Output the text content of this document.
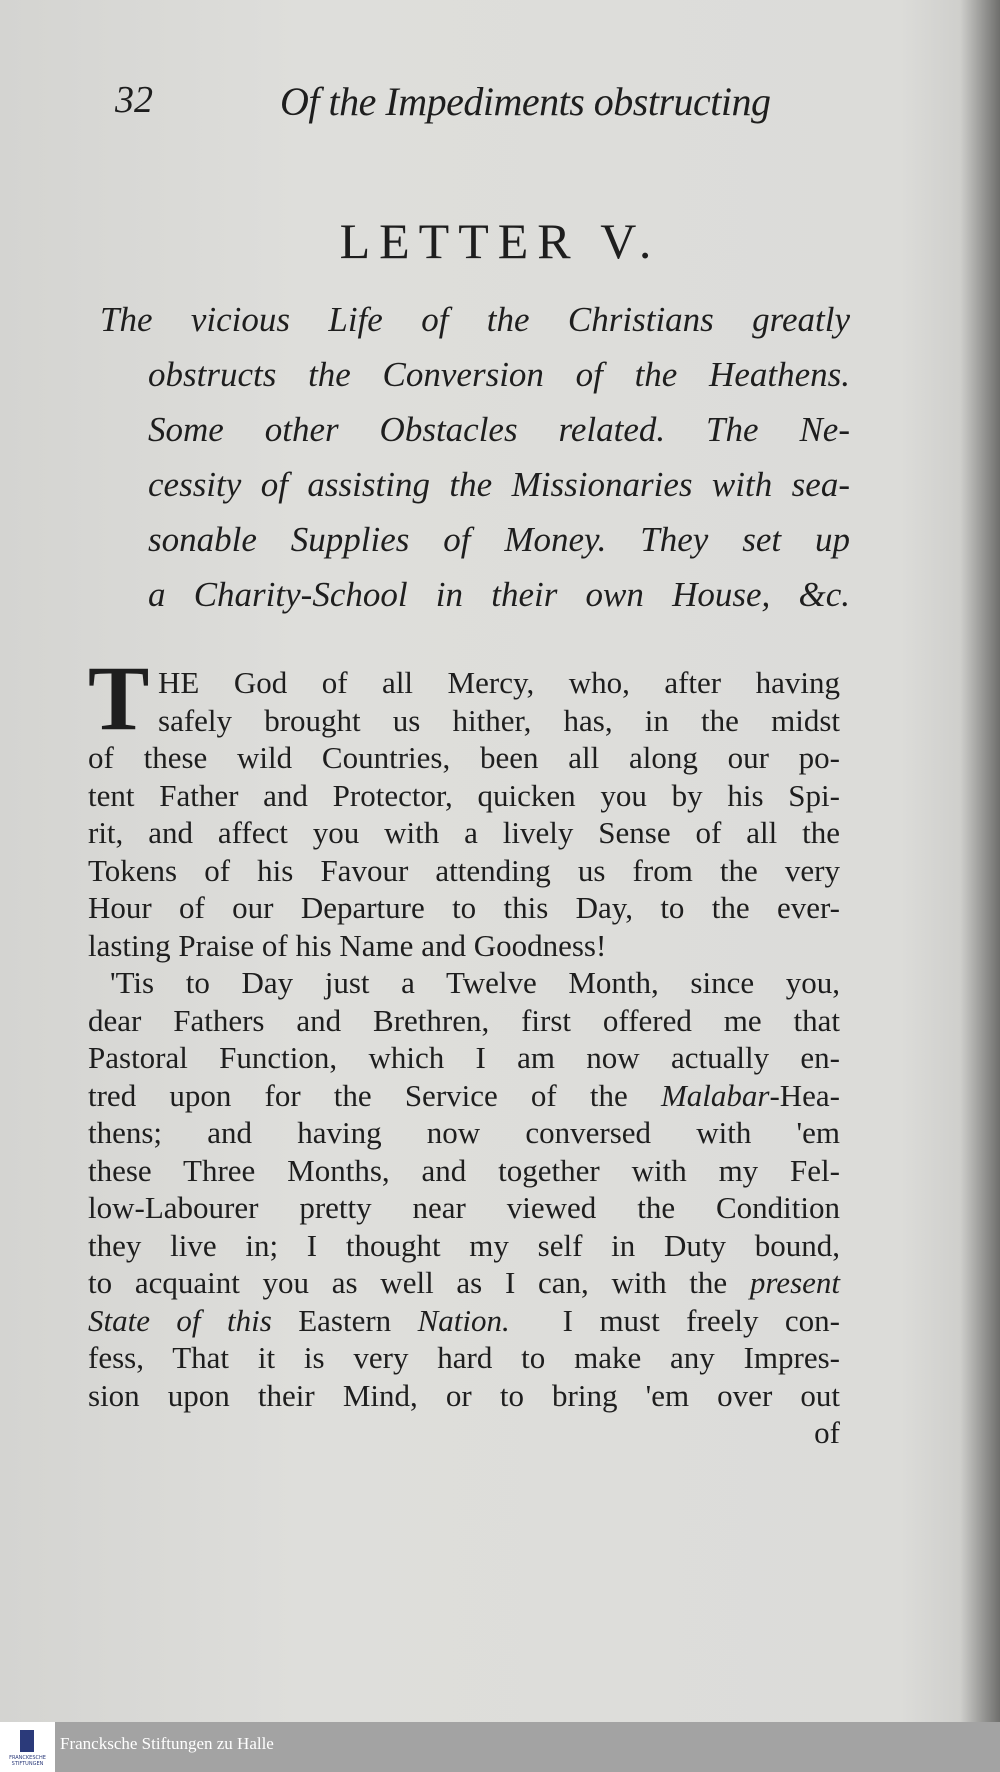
32	Of the Impediments obstructing
LETTER V.
The vicious Life of the Christians greatly
obstructs the Conversion of the Heathens.
Some other Obstacles related. The Ne-
cessity of assisting the Missionaries with sea-
sonable Supplies of Money. They set up
a Charity-School in their own House, &c.
T HE God of all Mercy, who, after having
safely brought us hither, has, in the midst
of these wild Countries, been all along our po-
tent Father and Protector, quicken you by his Spi-
rit, and affect you with a lively Sense of all the
Tokens of his Favour attending us from the very
Hour of our Departure to this Day, to the ever-
lasting Praise of his Name and Goodness!
'Tis to Day just a Twelve Month, since you,
dear Fathers and Brethren, first offered me that
Pastoral Function, which I am now actually en-
tred upon for the Service of the Malabar-Hea-
thens; and having now conversed with 'em
these Three Months, and together with my Fel-
low-Labourer pretty near viewed the Condition
they live in; I thought my self in Duty bound,
to acquaint you as well as I can, with the present
State of this Eastern Nation.  I must freely con-
fess, That it is very hard to make any Impres-
sion upon their Mind, or to bring 'em over out
of
FRANCKESCHE STIFTUNGEN
Francksche Stiftungen zu Halle
